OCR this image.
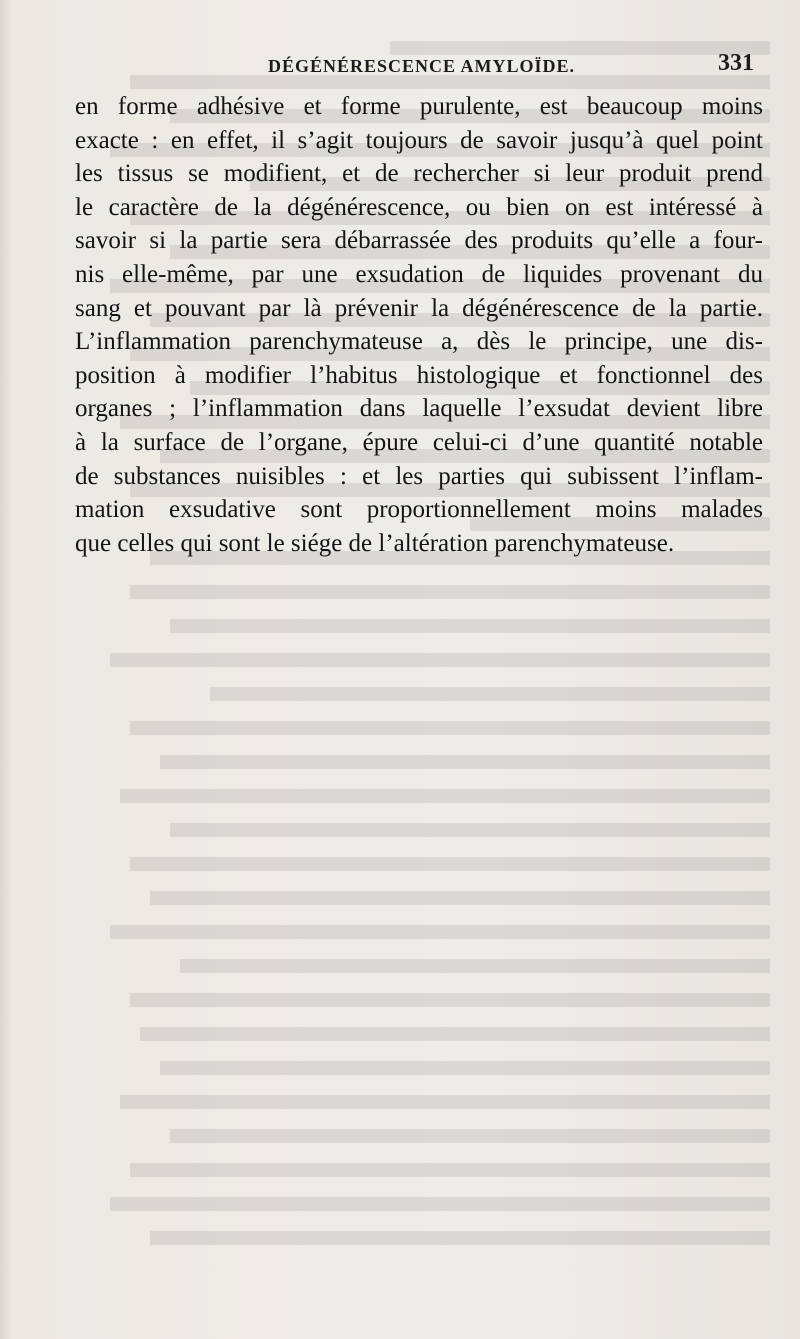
DÉGÉNÉRESCENCE AMYLOÏDE.	331
en forme adhésive et forme purulente, est beaucoup moins
exacte : en effet, il s’agit toujours de savoir jusqu’à quel point
les tissus se modifient, et de rechercher si leur produit prend
le caractère de la dégénérescence, ou bien on est intéressé à
savoir si la partie sera débarrassée des produits qu’elle a four-
nis elle-même, par une exsudation de liquides provenant du
sang et pouvant par là prévenir la dégénérescence de la partie.
L’inflammation parenchymateuse a, dès le principe, une dis-
position à modifier l’habitus histologique et fonctionnel des
organes ; l’inflammation dans laquelle l’exsudat devient libre
à la surface de l’organe, épure celui-ci d’une quantité notable
de substances nuisibles : et les parties qui subissent l’inflam-
mation exsudative sont proportionnellement moins malades
que celles qui sont le siége de l’altération parenchymateuse.
